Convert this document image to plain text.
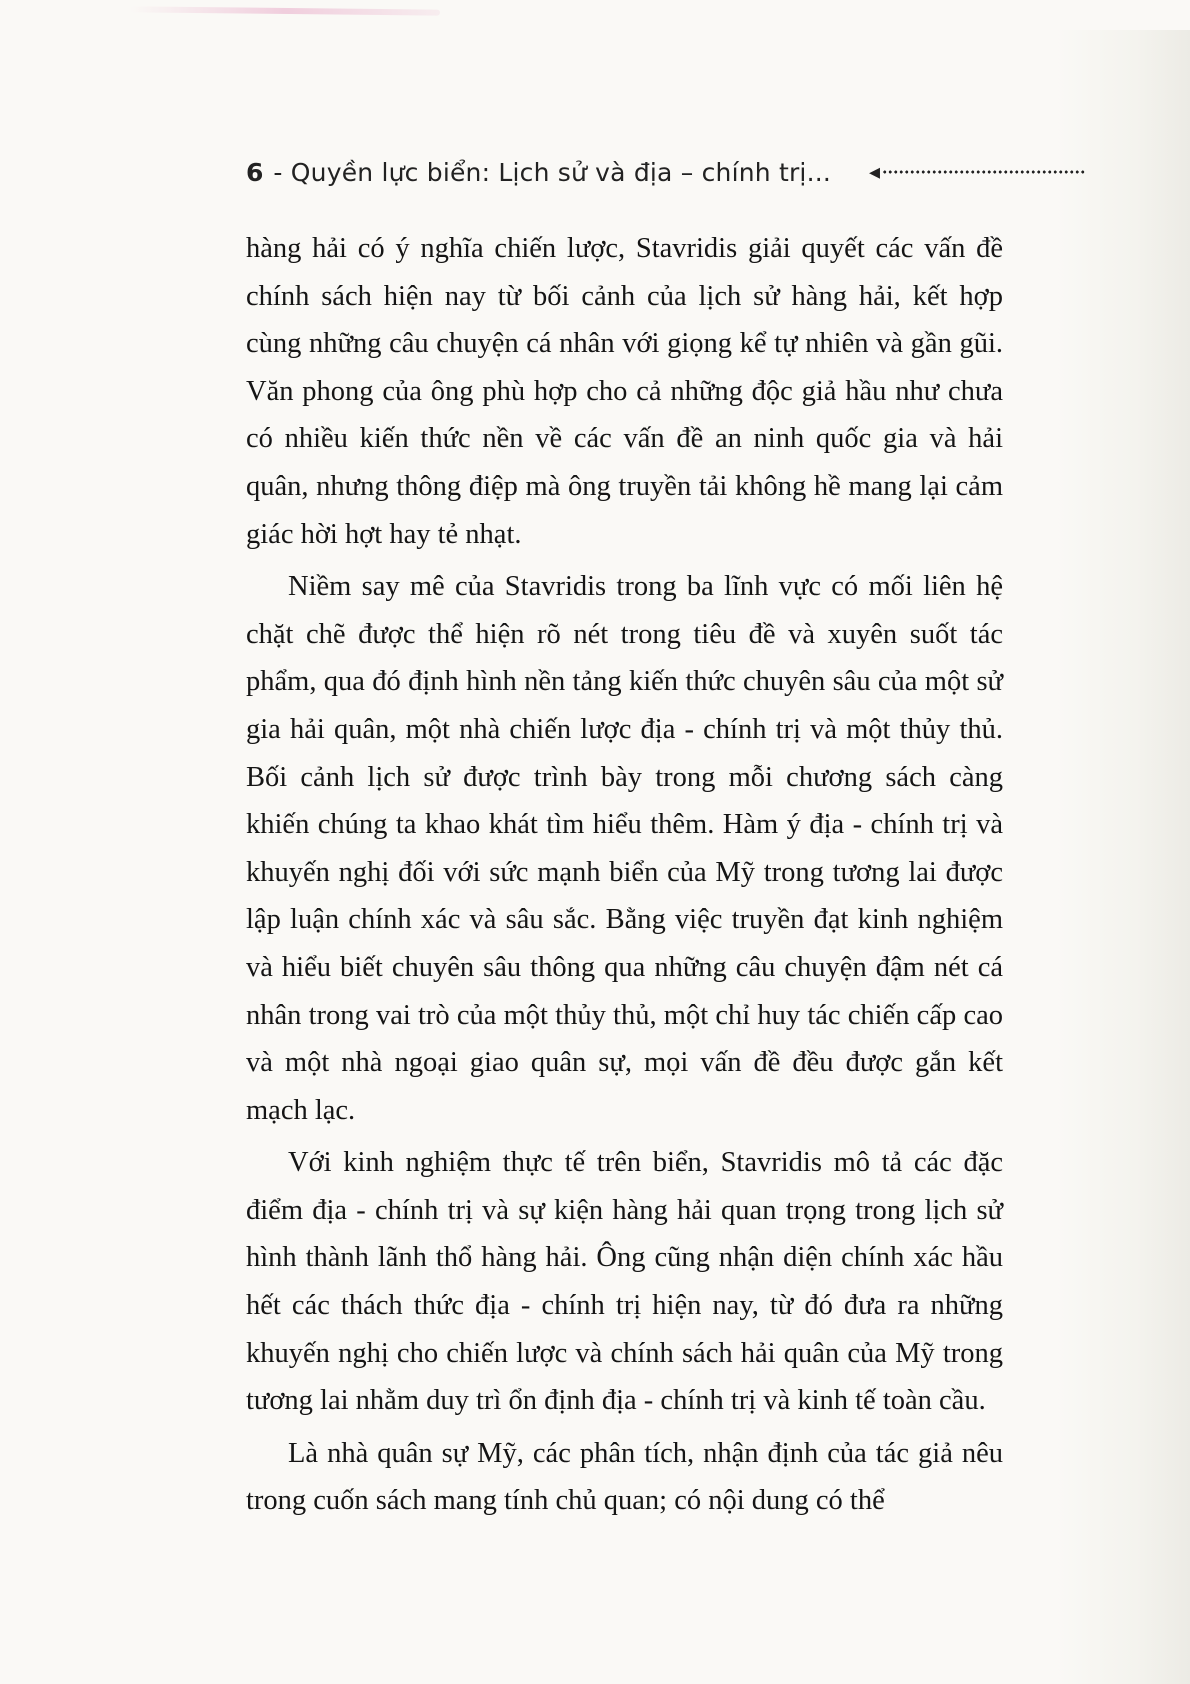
6 - Quyền lực biển: Lịch sử và địa – chính trị... ◂

hàng hải có ý nghĩa chiến lược, Stavridis giải quyết các vấn đề chính sách hiện nay từ bối cảnh của lịch sử hàng hải, kết hợp cùng những câu chuyện cá nhân với giọng kể tự nhiên và gần gũi. Văn phong của ông phù hợp cho cả những độc giả hầu như chưa có nhiều kiến thức nền về các vấn đề an ninh quốc gia và hải quân, nhưng thông điệp mà ông truyền tải không hề mang lại cảm giác hời hợt hay tẻ nhạt.

Niềm say mê của Stavridis trong ba lĩnh vực có mối liên hệ chặt chẽ được thể hiện rõ nét trong tiêu đề và xuyên suốt tác phẩm, qua đó định hình nền tảng kiến thức chuyên sâu của một sử gia hải quân, một nhà chiến lược địa - chính trị và một thủy thủ. Bối cảnh lịch sử được trình bày trong mỗi chương sách càng khiến chúng ta khao khát tìm hiểu thêm. Hàm ý địa - chính trị và khuyến nghị đối với sức mạnh biển của Mỹ trong tương lai được lập luận chính xác và sâu sắc. Bằng việc truyền đạt kinh nghiệm và hiểu biết chuyên sâu thông qua những câu chuyện đậm nét cá nhân trong vai trò của một thủy thủ, một chỉ huy tác chiến cấp cao và một nhà ngoại giao quân sự, mọi vấn đề đều được gắn kết mạch lạc.

Với kinh nghiệm thực tế trên biển, Stavridis mô tả các đặc điểm địa - chính trị và sự kiện hàng hải quan trọng trong lịch sử hình thành lãnh thổ hàng hải. Ông cũng nhận diện chính xác hầu hết các thách thức địa - chính trị hiện nay, từ đó đưa ra những khuyến nghị cho chiến lược và chính sách hải quân của Mỹ trong tương lai nhằm duy trì ổn định địa - chính trị và kinh tế toàn cầu.

Là nhà quân sự Mỹ, các phân tích, nhận định của tác giả nêu trong cuốn sách mang tính chủ quan; có nội dung có thể
